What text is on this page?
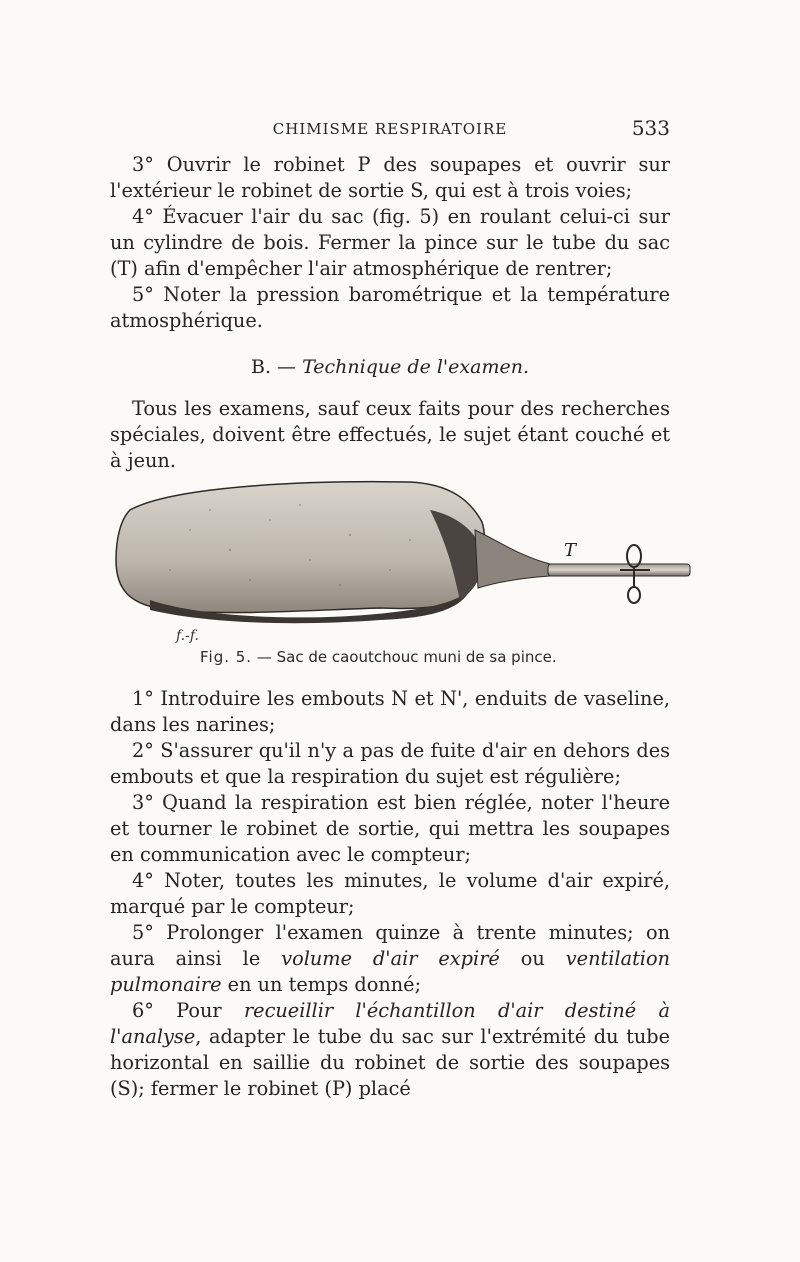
CHIMISME RESPIRATOIRE	533

3° Ouvrir le robinet P des soupapes et ouvrir sur l'extérieur le robinet de sortie S, qui est à trois voies;

4° Évacuer l'air du sac (fig. 5) en roulant celui-ci sur un cylindre de bois. Fermer la pince sur le tube du sac (T) afin d'empêcher l'air atmosphérique de rentrer;

5° Noter la pression barométrique et la température atmosphérique.

B. — Technique de l'examen.

Tous les examens, sauf ceux faits pour des recherches spéciales, doivent être effectués, le sujet étant couché et à jeun.

T
f.-f.
Fig. 5. — Sac de caoutchouc muni de sa pince.

1° Introduire les embouts N et N', enduits de vaseline, dans les narines;

2° S'assurer qu'il n'y a pas de fuite d'air en dehors des embouts et que la respiration du sujet est régulière;

3° Quand la respiration est bien réglée, noter l'heure et tourner le robinet de sortie, qui mettra les soupapes en communication avec le compteur;

4° Noter, toutes les minutes, le volume d'air expiré, marqué par le compteur;

5° Prolonger l'examen quinze à trente minutes; on aura ainsi le volume d'air expiré ou ventilation pulmonaire en un temps donné;

6° Pour recueillir l'échantillon d'air destiné à l'analyse, adapter le tube du sac sur l'extrémité du tube horizontal en saillie du robinet de sortie des soupapes (S); fermer le robinet (P) placé
